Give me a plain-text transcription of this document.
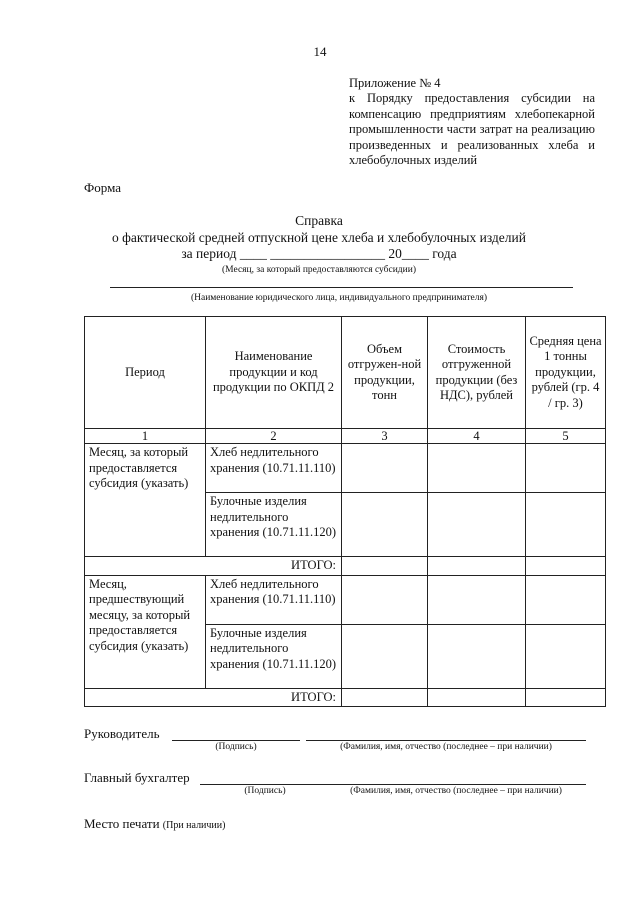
14
Приложение № 4
к Порядку предоставления субсидии на компенсацию предприятиям хлебопекарной промышленности части затрат на реализацию произведенных и реализованных хлеба и хлебобулочных изделий
Форма
Справка
о фактической средней отпускной цене хлеба и хлебобулочных изделий
за период ____ _________________ 20____ года
(Месяц, за который предоставляются субсидии)
(Наименование юридического лица, индивидуального предпринимателя)
Период	Наименование продукции и код продукции по ОКПД 2	Объем отгружен-ной продукции, тонн	Стоимость отгруженной продукции (без НДС), рублей	Средняя цена 1 тонны продукции, рублей (гр. 4 / гр. 3)
1	2	3	4	5
Месяц, за который предоставляется субсидия (указать)	Хлеб недлительного хранения (10.71.11.110)			
	Булочные изделия недлительного хранения (10.71.11.120)			
ИТОГО:				
Месяц, предшествующий месяцу, за который предоставляется субсидия (указать)	Хлеб недлительного хранения (10.71.11.110)			
	Булочные изделия недлительного хранения (10.71.11.120)			
ИТОГО:				
Руководитель
(Подпись)	(Фамилия, имя, отчество (последнее – при наличии)
Главный бухгалтер
(Подпись)	(Фамилия, имя, отчество (последнее – при наличии)
Место печати (При наличии)
